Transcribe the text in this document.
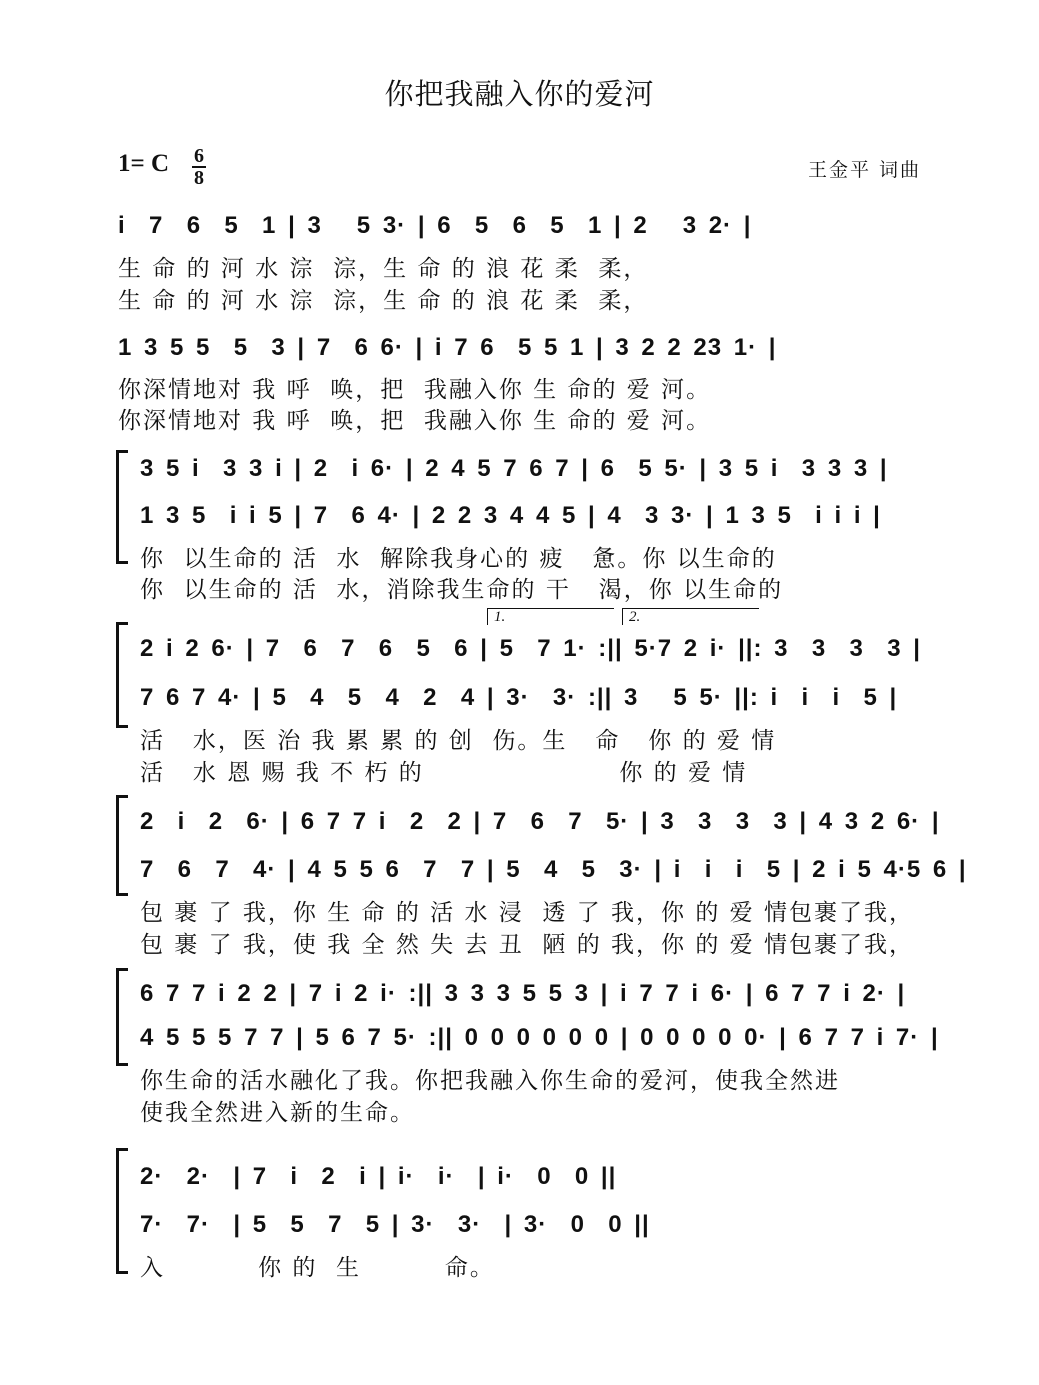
你把我融入你的爱河
1= C $\frac{6}{8}$	王金平 词曲
i  7  6  5  1 | 3   5 3· | 6  5  6  5  1 | 2   3 2· |
生 命 的 河 水 淙  淙，生 命 的 浪 花 柔  柔，
生 命 的 河 水 淙  淙，生 命 的 浪 花 柔  柔，
1 3 5 5  5  3 | 7  6 6· | i 7 6  5 5 1 | 3 2 2 23 1· |
你深情地对 我 呼  唤，把  我融入你 生 命的 爱 河。
你深情地对 我 呼  唤，把  我融入你 生 命的 爱 河。
3 5 i  3 3 i | 2  i 6· | 2 4 5 7 6 7 | 6  5 5· | 3 5 i  3 3 3 |
1 3 5  i i 5 | 7  6 4· | 2 2 3 4 4 5 | 4  3 3· | 1 3 5  i i i |
你  以生命的 活  水  解除我身心的 疲   惫。你 以生命的
你  以生命的 活  水，消除我生命的 干   渴，你 以生命的
1.	2.
2 i 2 6· | 7  6  7  6  5  6 | 5  7 1· :|| 5·7 2 i· ||: 3  3  3  3 |
7 6 7 4· | 5  4  5  4  2  4 | 3·  3· :|| 3   5 5· ||: i  i  i  5 |
活   水，医 治 我 累 累 的 创  伤。生   命   你 的 爱 情
活   水 恩 赐 我 不 朽 的                     你 的 爱 情
2  i  2  6· | 6 7 7 i  2  2 | 7  6  7  5· | 3  3  3  3 | 4 3 2 6· |
7  6  7  4· | 4 5 5 6  7  7 | 5  4  5  3· | i  i  i  5 | 2 i 5 4·5 6 |
包 裹 了 我，你 生 命 的 活 水 浸  透 了 我，你 的 爱 情包裹了我，
包 裹 了 我，使 我 全 然 失 去 丑  陋 的 我，你 的 爱 情包裹了我，
6 7 7 i 2 2 | 7 i 2 i· :|| 3 3 3 5 5 3 | i 7 7 i 6· | 6 7 7 i 2· |
4 5 5 5 7 7 | 5 6 7 5· :|| 0 0 0 0 0 0 | 0 0 0 0 0· | 6 7 7 i 7· |
你生命的活水融化了我。你把我融入你生命的爱河，使我全然进
使我全然进入新的生命。
2·  2·  | 7  i  2  i | i·  i·  | i·  0  0 ||
7·  7·  | 5  5  7  5 | 3·  3·  | 3·  0  0 ||
入          你 的  生         命。
